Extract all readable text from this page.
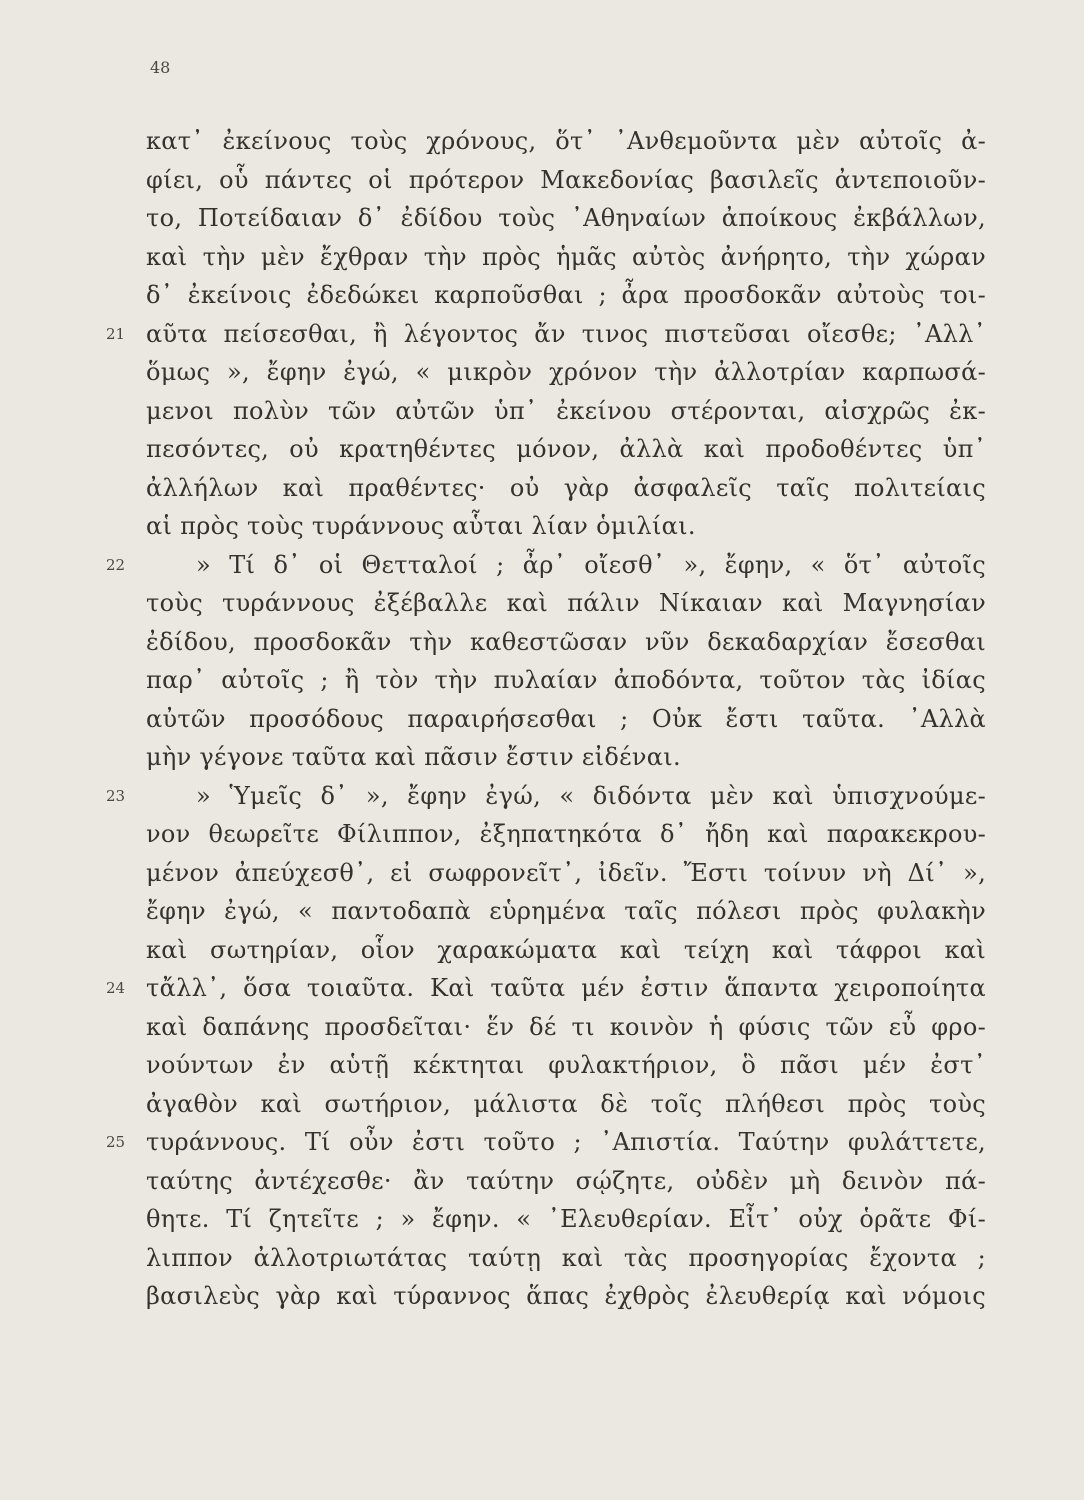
48
κατ᾽ ἐκείνους τοὺς χρόνους, ὅτ᾽ ᾿Ανθεμοῦντα μὲν αὐτοῖς ἀ-
φίει, οὗ πάντες οἱ πρότερον Μακεδονίας βασιλεῖς ἀντεποιοῦν-
το, Ποτείδαιαν δ᾽ ἐδίδου τοὺς ᾿Αθηναίων ἀποίκους ἐκβάλλων,
καὶ τὴν μὲν ἔχθραν τὴν πρὸς ἡμᾶς αὐτὸς ἀνήρητο, τὴν χώραν
δ᾽ ἐκείνοις ἐδεδώκει καρποῦσθαι ; ἆρα προσδοκᾶν αὐτοὺς τοι-
21 αῦτα πείσεσθαι, ἢ λέγοντος ἄν τινος πιστεῦσαι οἴεσθε; ᾿Αλλ᾽
ὅμως », ἔφην ἐγώ, « μικρὸν χρόνον τὴν ἀλλοτρίαν καρπωσά-
μενοι πολὺν τῶν αὐτῶν ὑπ᾽ ἐκείνου στέρονται, αἰσχρῶς ἐκ-
πεσόντες, οὐ κρατηθέντες μόνον, ἀλλὰ καὶ προδοθέντες ὑπ᾽
ἀλλήλων καὶ πραθέντες· οὐ γὰρ ἀσφαλεῖς ταῖς πολιτείαις
αἱ πρὸς τοὺς τυράννους αὗται λίαν ὁμιλίαι.
22	» Τί δ᾽ οἱ Θετταλοί ; ἆρ᾽ οἴεσθ᾽ », ἔφην, « ὅτ᾽ αὐτοῖς
τοὺς τυράννους ἐξέβαλλε καὶ πάλιν Νίκαιαν καὶ Μαγνησίαν
ἐδίδου, προσδοκᾶν τὴν καθεστῶσαν νῦν δεκαδαρχίαν ἔσεσθαι
παρ᾽ αὐτοῖς ; ἢ τὸν τὴν πυλαίαν ἀποδόντα, τοῦτον τὰς ἰδίας
αὐτῶν προσόδους παραιρήσεσθαι ; Οὐκ ἔστι ταῦτα. ᾿Αλλὰ
μὴν γέγονε ταῦτα καὶ πᾶσιν ἔστιν εἰδέναι.
23	» Ὑμεῖς δ᾽ », ἔφην ἐγώ, « διδόντα μὲν καὶ ὑπισχνούμε-
νον θεωρεῖτε Φίλιππον, ἐξηπατηκότα δ᾽ ἤδη καὶ παρακεκρου-
μένον ἀπεύχεσθ᾽, εἰ σωφρονεῖτ᾽, ἰδεῖν. Ἔστι τοίνυν νὴ Δί᾽ »,
ἔφην ἐγώ, « παντοδαπὰ εὑρημένα ταῖς πόλεσι πρὸς φυλακὴν
καὶ σωτηρίαν, οἷον χαρακώματα καὶ τείχη καὶ τάφροι καὶ
24 τἄλλ᾽, ὅσα τοιαῦτα. Καὶ ταῦτα μέν ἐστιν ἅπαντα χειροποίητα
καὶ δαπάνης προσδεῖται· ἕν δέ τι κοινὸν ἡ φύσις τῶν εὖ φρο-
νούντων ἐν αὑτῇ κέκτηται φυλακτήριον, ὃ πᾶσι μέν ἐστ᾽
ἀγαθὸν καὶ σωτήριον, μάλιστα δὲ τοῖς πλήθεσι πρὸς τοὺς
25 τυράννους. Τί οὖν ἐστι τοῦτο ; ᾿Απιστία. Ταύτην φυλάττετε,
ταύτης ἀντέχεσθε· ἂν ταύτην σῴζητε, οὐδὲν μὴ δεινὸν πά-
θητε. Τί ζητεῖτε ; » ἔφην. « ᾿Ελευθερίαν. Εἶτ᾽ οὐχ ὁρᾶτε Φί-
λιππον ἀλλοτριωτάτας ταύτῃ καὶ τὰς προσηγορίας ἔχοντα ;
βασιλεὺς γὰρ καὶ τύραννος ἅπας ἐχθρὸς ἐλευθερίᾳ καὶ νόμοις
